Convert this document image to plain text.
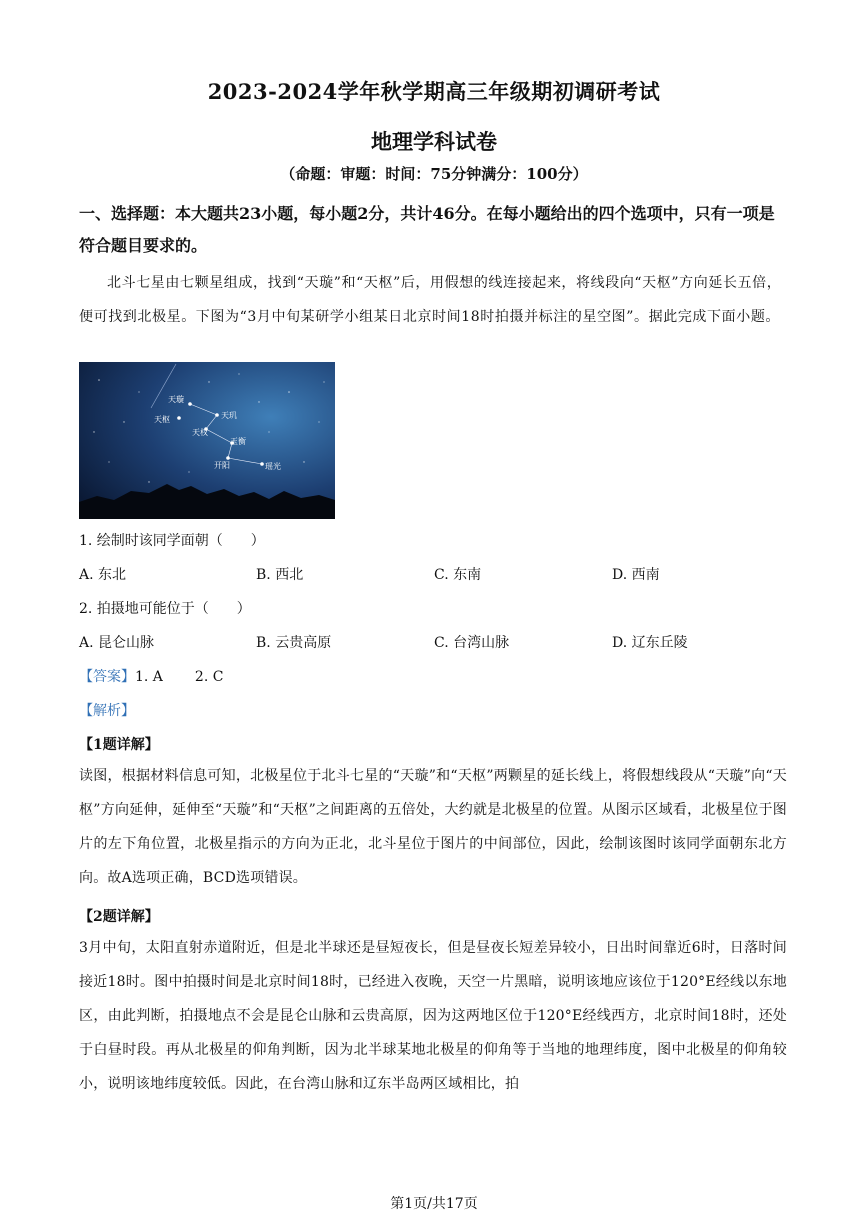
2023-2024学年秋学期高三年级期初调研考试
地理学科试卷
（命题：审题：时间：75分钟满分：100分）
一、选择题：本大题共23小题，每小题2分，共计46分。在每小题给出的四个选项中，只有一项是符合题目要求的。
北斗七星由七颗星组成，找到“天璇”和“天枢”后，用假想的线连接起来，将线段向“天枢”方向延长五倍，便可找到北极星。下图为“3月中旬某研学小组某日北京时间18时拍摄并标注的星空图”。据此完成下面小题。
天璇
天枢	天玑
天权
玉衡
开阳	瑶光
1. 绘制时该同学面朝（　　）
A. 东北	B. 西北	C. 东南	D. 西南
2. 拍摄地可能位于（　　）
A. 昆仑山脉	B. 云贵高原	C. 台湾山脉	D. 辽东丘陵
【答案】1. A 2. C
【解析】
【1题详解】
读图，根据材料信息可知，北极星位于北斗七星的“天璇”和“天枢”两颗星的延长线上，将假想线段从“天璇”向“天枢”方向延伸，延伸至“天璇”和“天枢”之间距离的五倍处，大约就是北极星的位置。从图示区域看，北极星位于图片的左下角位置，北极星指示的方向为正北，北斗星位于图片的中间部位，因此，绘制该图时该同学面朝东北方向。故A选项正确，BCD选项错误。
【2题详解】
3月中旬，太阳直射赤道附近，但是北半球还是昼短夜长，但是昼夜长短差异较小，日出时间靠近6时，日落时间接近18时。图中拍摄时间是北京时间18时，已经进入夜晚，天空一片黑暗，说明该地应该位于120°E经线以东地区，由此判断，拍摄地点不会是昆仑山脉和云贵高原，因为这两地区位于120°E经线西方，北京时间18时，还处于白昼时段。再从北极星的仰角判断，因为北半球某地北极星的仰角等于当地的地理纬度，图中北极星的仰角较小，说明该地纬度较低。因此，在台湾山脉和辽东半岛两区域相比，拍
第1页/共17页
